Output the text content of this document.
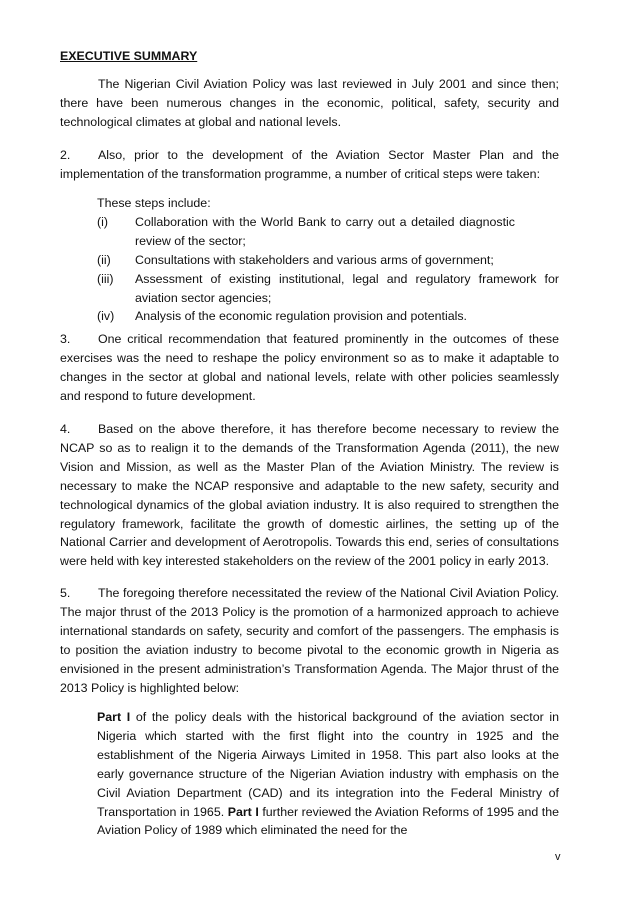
EXECUTIVE SUMMARY

The Nigerian Civil Aviation Policy was last reviewed in July 2001 and since then; there have been numerous changes in the economic, political, safety, security and technological climates at global and national levels.

2. Also, prior to the development of the Aviation Sector Master Plan and the implementation of the transformation programme, a number of critical steps were taken:

These steps include:
(i)	Collaboration with the World Bank to carry out a detailed diagnostic review of the sector;
(ii)	Consultations with stakeholders and various arms of government;
(iii)	Assessment of existing institutional, legal and regulatory framework for aviation sector agencies;
(iv)	Analysis of the economic regulation provision and potentials.

3. One critical recommendation that featured prominently in the outcomes of these exercises was the need to reshape the policy environment so as to make it adaptable to changes in the sector at global and national levels, relate with other policies seamlessly and respond to future development.

4. Based on the above therefore, it has therefore become necessary to review the NCAP so as to realign it to the demands of the Transformation Agenda (2011), the new Vision and Mission, as well as the Master Plan of the Aviation Ministry. The review is necessary to make the NCAP responsive and adaptable to the new safety, security and technological dynamics of the global aviation industry. It is also required to strengthen the regulatory framework, facilitate the growth of domestic airlines, the setting up of the National Carrier and development of Aerotropolis. Towards this end, series of consultations were held with key interested stakeholders on the review of the 2001 policy in early 2013.

5. The foregoing therefore necessitated the review of the National Civil Aviation Policy. The major thrust of the 2013 Policy is the promotion of a harmonized approach to achieve international standards on safety, security and comfort of the passengers. The emphasis is to position the aviation industry to become pivotal to the economic growth in Nigeria as envisioned in the present administration’s Transformation Agenda. The Major thrust of the 2013 Policy is highlighted below:

Part I of the policy deals with the historical background of the aviation sector in Nigeria which started with the first flight into the country in 1925 and the establishment of the Nigeria Airways Limited in 1958. This part also looks at the early governance structure of the Nigerian Aviation industry with emphasis on the Civil Aviation Department (CAD) and its integration into the Federal Ministry of Transportation in 1965. Part I further reviewed the Aviation Reforms of 1995 and the Aviation Policy of 1989 which eliminated the need for the

v
